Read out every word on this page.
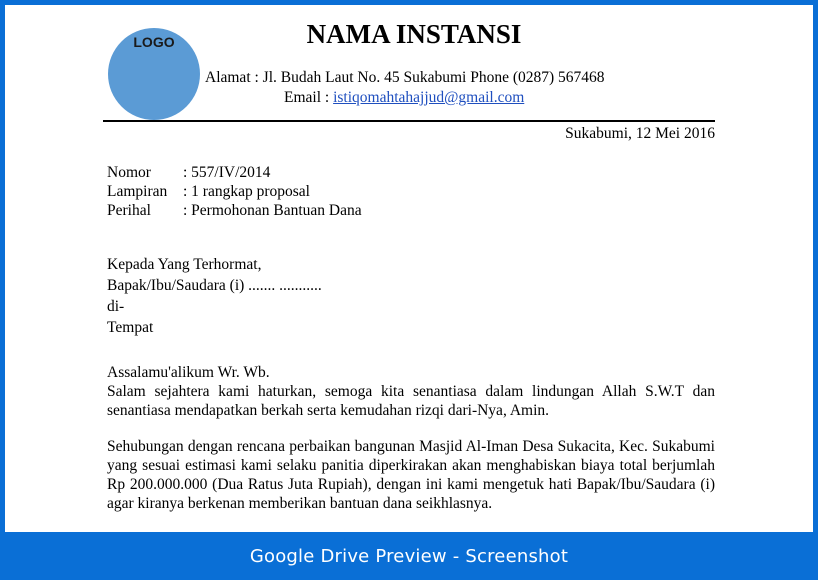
LOGO	NAMA INSTANSI
Alamat : Jl. Budah Laut No. 45 Sukabumi Phone (0287) 567468
Email : istiqomahtahajjud@gmail.com
Sukabumi, 12 Mei 2016
Nomor	: 557/IV/2014
Lampiran	: 1 rangkap proposal
Perihal	: Permohonan Bantuan Dana
Kepada Yang Terhormat,
Bapak/Ibu/Saudara (i) ....... ...........
di-
Tempat

Assalamu'alikum Wr. Wb.

Salam sejahtera kami haturkan, semoga kita senantiasa dalam lindungan Allah S.W.T dan senantiasa mendapatkan berkah serta kemudahan rizqi dari-Nya, Amin.

Sehubungan dengan rencana perbaikan bangunan Masjid Al-Iman Desa Sukacita, Kec. Sukabumi yang sesuai estimasi kami selaku panitia diperkirakan akan menghabiskan biaya total berjumlah Rp 200.000.000 (Dua Ratus Juta Rupiah), dengan ini kami mengetuk hati Bapak/Ibu/Saudara (i) agar kiranya berkenan memberikan bantuan dana seikhlasnya.

Google Drive Preview - Screenshot
